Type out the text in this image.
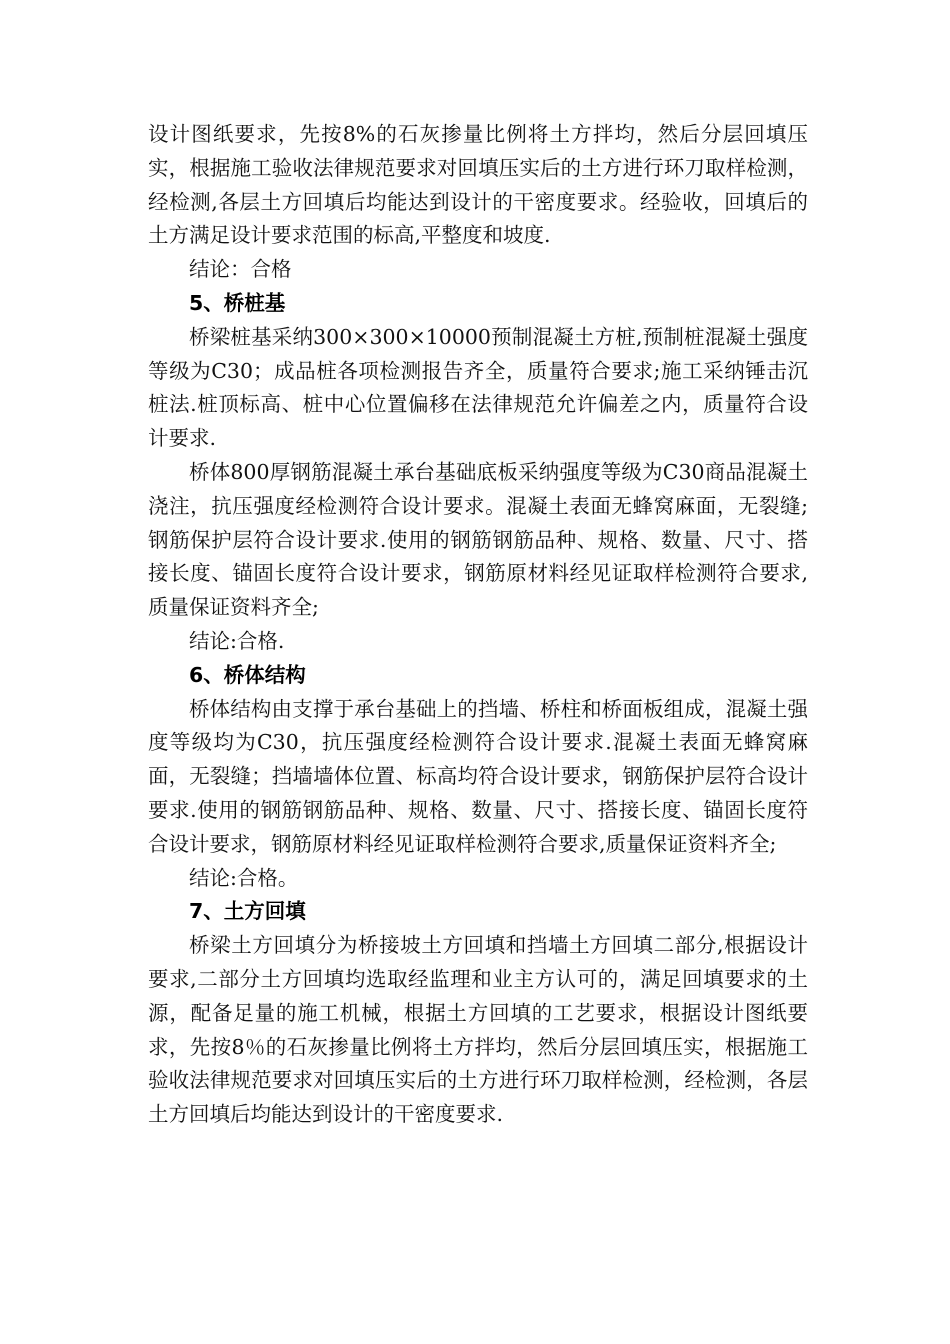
设计图纸要求，先按8%的石灰掺量比例将土方拌均，然后分层回填压实，根据施工验收法律规范要求对回填压实后的土方进行环刀取样检测，经检测,各层土方回填后均能达到设计的干密度要求。经验收，回填后的土方满足设计要求范围的标高,平整度和坡度.

结论：合格

5、桥桩基

桥梁桩基采纳300×300×10000预制混凝土方桩,预制桩混凝土强度等级为C30；成品桩各项检测报告齐全，质量符合要求;施工采纳锤击沉桩法.桩顶标高、桩中心位置偏移在法律规范允许偏差之内，质量符合设计要求.

桥体800厚钢筋混凝土承台基础底板采纳强度等级为C30商品混凝土浇注，抗压强度经检测符合设计要求。混凝土表面无蜂窝麻面，无裂缝;钢筋保护层符合设计要求.使用的钢筋钢筋品种、规格、数量、尺寸、搭接长度、锚固长度符合设计要求，钢筋原材料经见证取样检测符合要求,质量保证资料齐全;

结论:合格.

6、桥体结构

桥体结构由支撑于承台基础上的挡墙、桥柱和桥面板组成，混凝土强度等级均为C30，抗压强度经检测符合设计要求.混凝土表面无蜂窝麻面，无裂缝；挡墙墙体位置、标高均符合设计要求，钢筋保护层符合设计要求.使用的钢筋钢筋品种、规格、数量、尺寸、搭接长度、锚固长度符合设计要求，钢筋原材料经见证取样检测符合要求,质量保证资料齐全;

结论:合格。

7、土方回填

桥梁土方回填分为桥接坡土方回填和挡墙土方回填二部分,根据设计要求,二部分土方回填均选取经监理和业主方认可的，满足回填要求的土源，配备足量的施工机械，根据土方回填的工艺要求，根据设计图纸要求，先按8％的石灰掺量比例将土方拌均，然后分层回填压实，根据施工验收法律规范要求对回填压实后的土方进行环刀取样检测，经检测，各层土方回填后均能达到设计的干密度要求.
